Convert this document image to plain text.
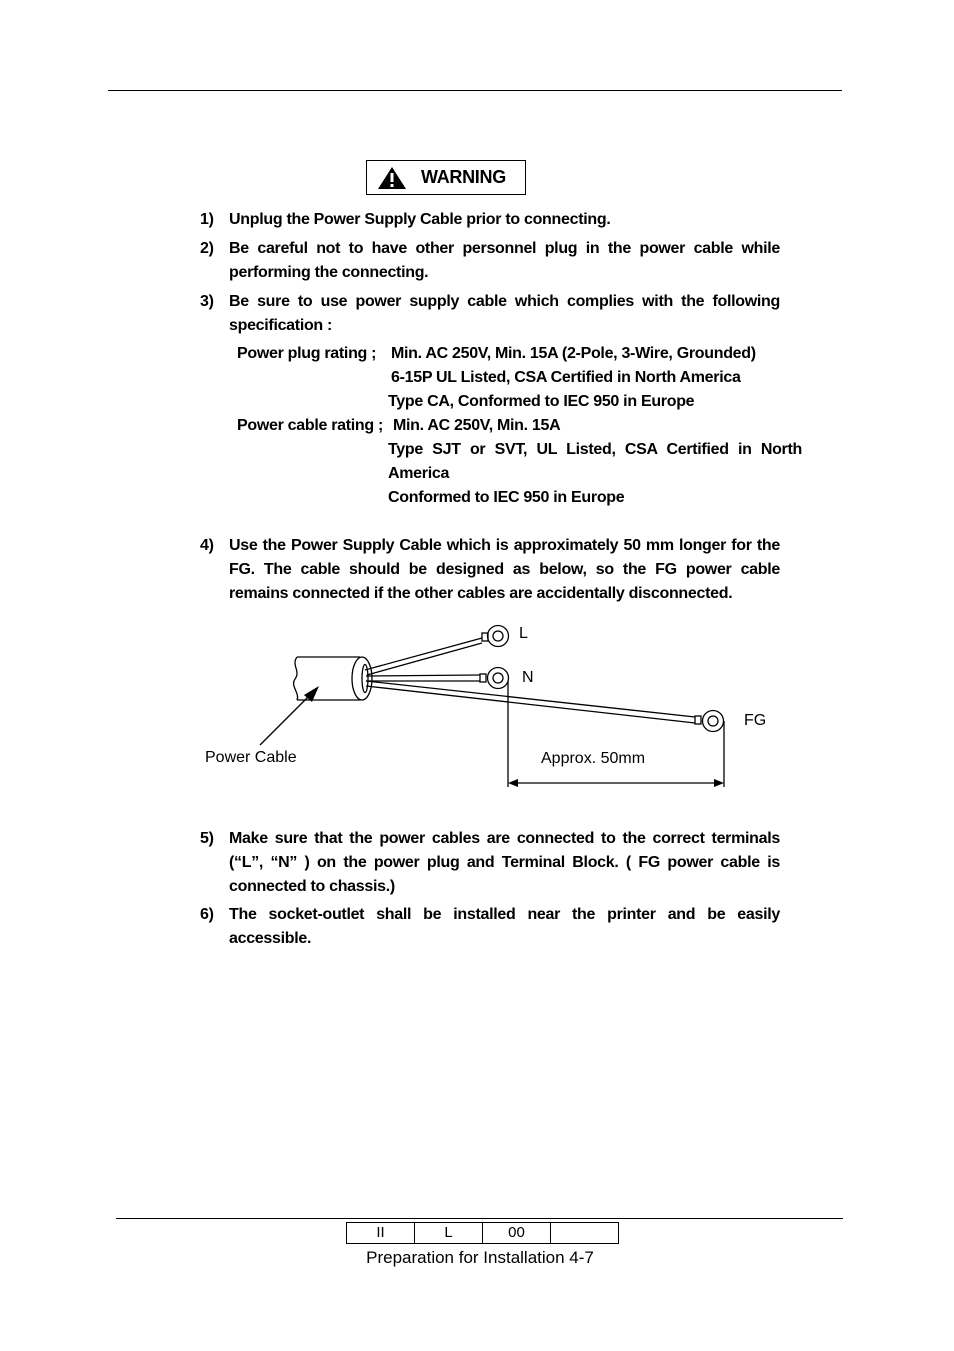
WARNING
1) Unplug the Power Supply Cable prior to connecting.
2) Be careful not to have other personnel plug in the power cable while performing the connecting.
3) Be sure to use power supply cable which complies with the following specification :
Power plug rating ; Min. AC 250V, Min. 15A (2-Pole, 3-Wire, Grounded)
6-15P UL Listed, CSA Certified in North America
Type CA, Conformed to IEC 950 in Europe
Power cable rating ; Min. AC 250V, Min. 15A
Type SJT or SVT, UL Listed, CSA Certified in North America
Conformed to IEC 950 in Europe
4) Use the Power Supply Cable which is approximately 50 mm longer for the FG. The cable should be designed as below, so the FG power cable remains connected if the other cables are accidentally disconnected.
L
N
FG
Power Cable	Approx. 50mm
5) Make sure that the power cables are connected to the correct terminals (“L”, “N” ) on the power plug and Terminal Block. ( FG power cable is connected to chassis.)
6) The socket-outlet shall be installed near the printer and be easily accessible.
II	L	00	
Preparation for Installation 4-7
